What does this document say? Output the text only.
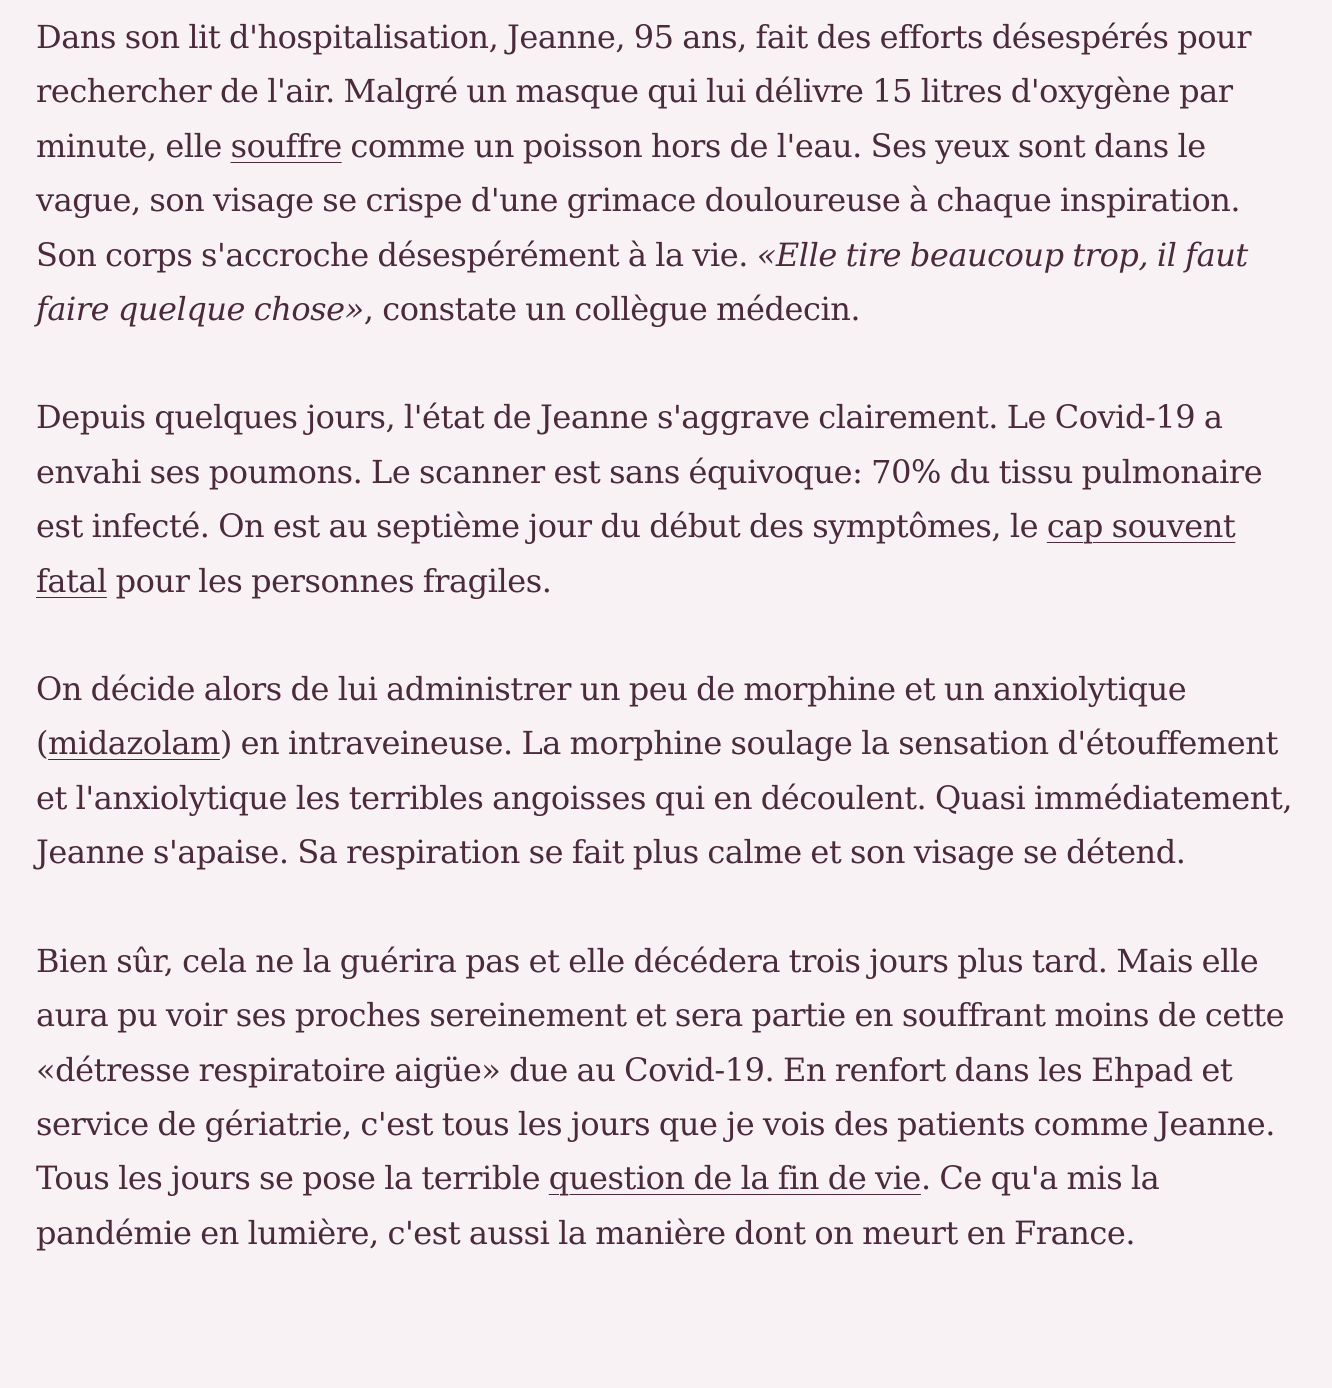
Dans son lit d'hospitalisation, Jeanne, 95 ans, fait des efforts désespérés pour rechercher de l'air. Malgré un masque qui lui délivre 15 litres d'oxygène par minute, elle souffre comme un poisson hors de l'eau. Ses yeux sont dans le vague, son visage se crispe d'une grimace douloureuse à chaque inspiration. Son corps s'accroche désespérément à la vie. «Elle tire beaucoup trop, il faut faire quelque chose», constate un collègue médecin.

Depuis quelques jours, l'état de Jeanne s'aggrave clairement. Le Covid-19 a envahi ses poumons. Le scanner est sans équivoque: 70% du tissu pulmonaire est infecté. On est au septième jour du début des symptômes, le cap souvent fatal pour les personnes fragiles.

On décide alors de lui administrer un peu de morphine et un anxiolytique (midazolam) en intraveineuse. La morphine soulage la sensation d'étouffement et l'anxiolytique les terribles angoisses qui en découlent. Quasi immédiatement, Jeanne s'apaise. Sa respiration se fait plus calme et son visage se détend.

Bien sûr, cela ne la guérira pas et elle décédera trois jours plus tard. Mais elle aura pu voir ses proches sereinement et sera partie en souffrant moins de cette «détresse respiratoire aigüe» due au Covid-19. En renfort dans les Ehpad et service de gériatrie, c'est tous les jours que je vois des patients comme Jeanne. Tous les jours se pose la terrible question de la fin de vie. Ce qu'a mis la pandémie en lumière, c'est aussi la manière dont on meurt en France.
